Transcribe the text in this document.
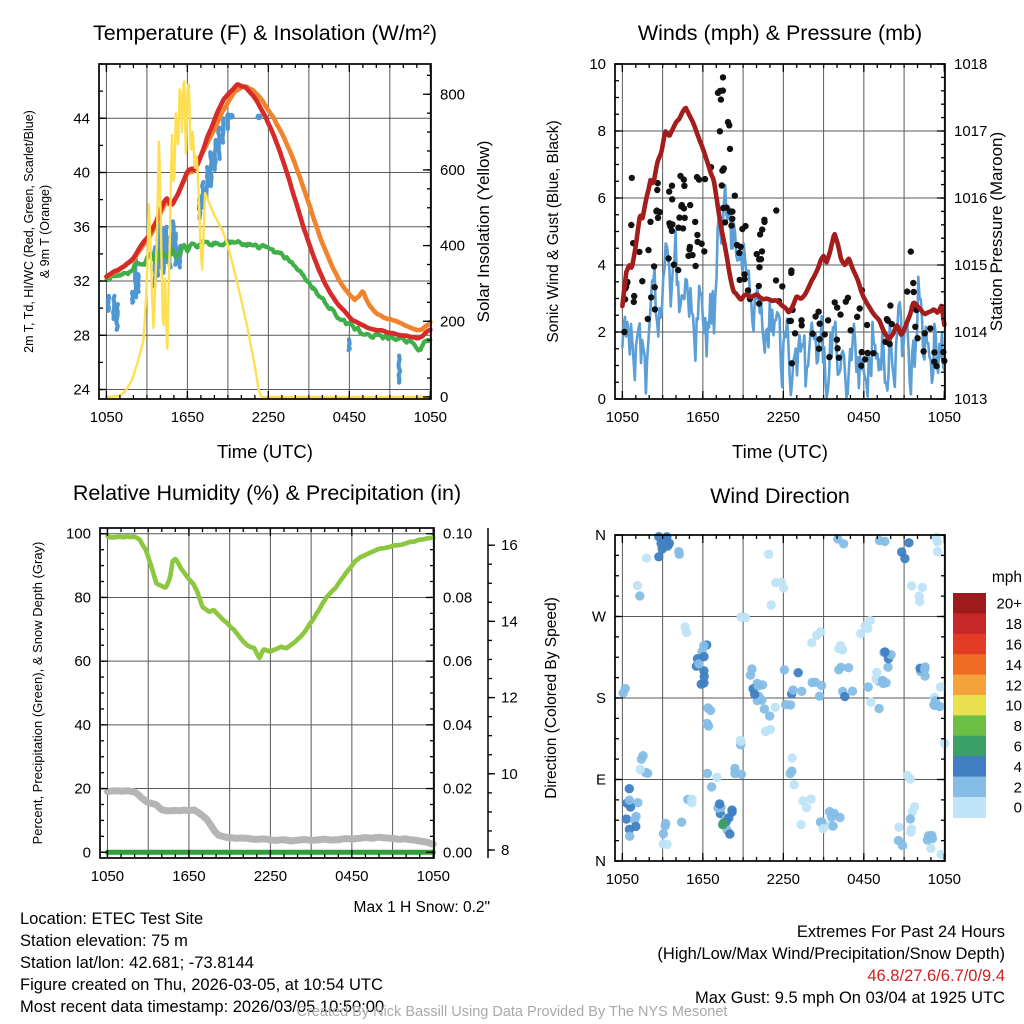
1050	1650	2250	0450	1050
24
28
32
36
40
44
0
200
400
600
800
2m T, Td, HI/WC (Red, Green, Scarlet/Blue) & 9m T (Orange)	Solar Insolation (Yellow)
Time (UTC)
Temperature (F) & Insolation (W/m²)
1050	1650	2250	0450	1050
0
2
4
6
8
10
1013
1014
1015
1016
1017
1018
Sonic Wind & Gust (Blue, Black)	Station Pressure (Maroon)
Time (UTC)
Winds (mph) & Pressure (mb)
1050	1650	2250	0450	1050
0
20
40
60
80
100
0.00
0.02
0.04
0.06
0.08
0.10
Percent, Precipitation (Green), & Snow Depth (Gray)
Relative Humidity (%) & Precipitation (in)
8
10
12
14
16
Max 1 H Snow: 0.2"
1050	1650	2250	0450	1050
N
E
S
W
N
Direction (Colored By Speed)
Wind Direction
mph
20+
18
16
14
12
10
8
6
4
2
0
Location: ETEC Test Site
Station elevation: 75 m
Station lat/lon: 42.681; -73.8144
Figure created on Thu, 2026-03-05, at 10:54 UTC
Most recent data timestamp: 2026/03/05 10:50:00
Extremes For Past 24 Hours
(High/Low/Max Wind/Precipitation/Snow Depth)
46.8/27.6/6.7/0/9.4
Max Gust: 9.5 mph On 03/04 at 1925 UTC
Created By Nick Bassill Using Data Provided By The NYS Mesonet
